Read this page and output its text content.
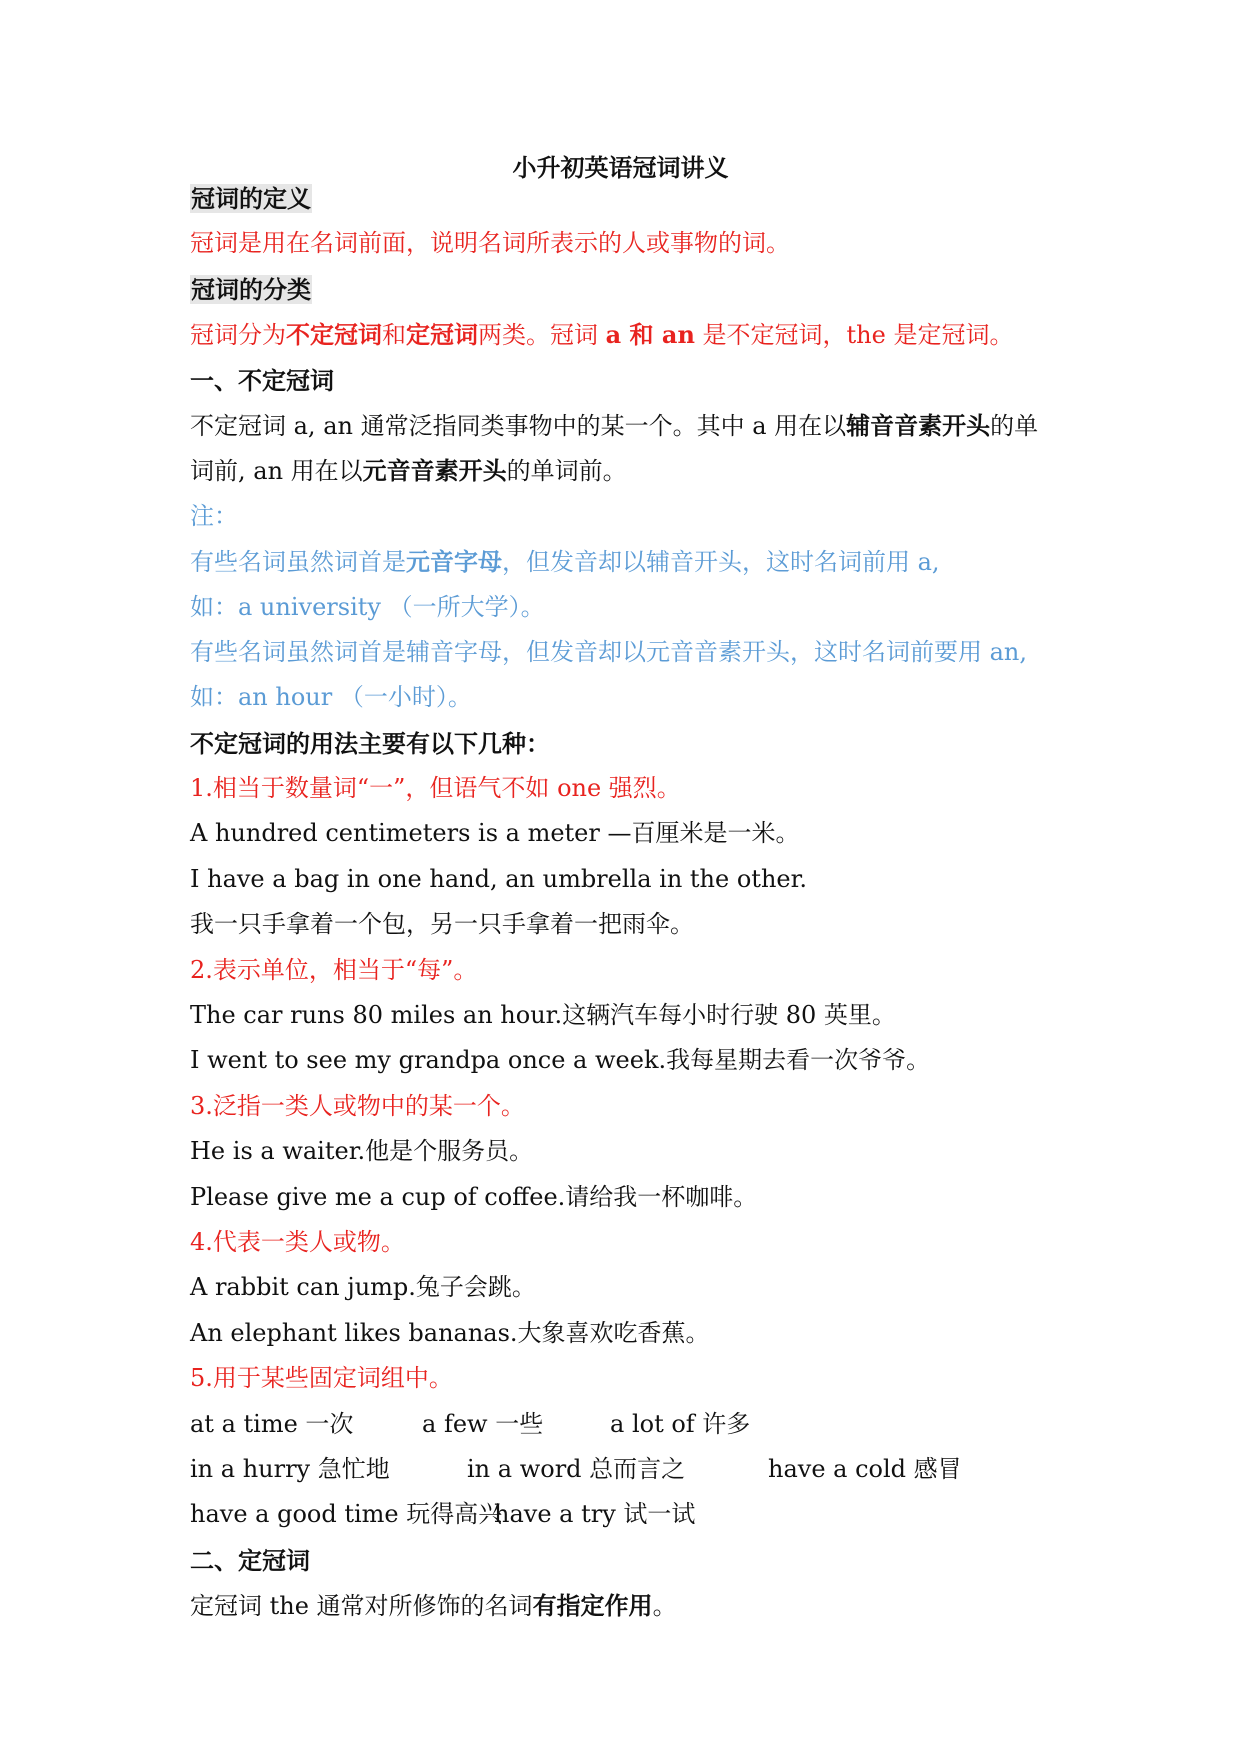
小升初英语冠词讲义

冠词的定义

冠词是用在名词前面，说明名词所表示的人或事物的词。

冠词的分类

冠词分为不定冠词和定冠词两类。冠词 a 和 an 是不定冠词，the 是定冠词。

一、不定冠词

不定冠词 a, an 通常泛指同类事物中的某一个。其中 a 用在以辅音音素开头的单

词前, an 用在以元音音素开头的单词前。

注：

有些名词虽然词首是元音字母，但发音却以辅音开头，这时名词前用 a,

如：a university （一所大学）。

有些名词虽然词首是辅音字母，但发音却以元音音素开头，这时名词前要用 an,

如：an hour （一小时）。

不定冠词的用法主要有以下几种：

1.相当于数量词“一”，但语气不如 one 强烈。

A hundred centimeters is a meter —百厘米是一米。

I have a bag in one hand, an umbrella in the other.

我一只手拿着一个包，另一只手拿着一把雨伞。

2.表示单位，相当于“每”。

The car runs 80 miles an hour.这辆汽车每小时行驶 80 英里。

I went to see my grandpa once a week.我每星期去看一次爷爷。

3.泛指一类人或物中的某一个。

He is a waiter.他是个服务员。

Please give me a cup of coffee.请给我一杯咖啡。

4.代表一类人或物。

A rabbit can jump.兔子会跳。

An elephant likes bananas.大象喜欢吃香蕉。

5.用于某些固定词组中。

at a time 一次	a few 一些	a lot of 许多

in a hurry 急忙地	in a word 总而言之	have a cold 感冒

have a good time 玩得高兴have a try 试一试

二、定冠词

定冠词 the 通常对所修饰的名词有指定作用。
